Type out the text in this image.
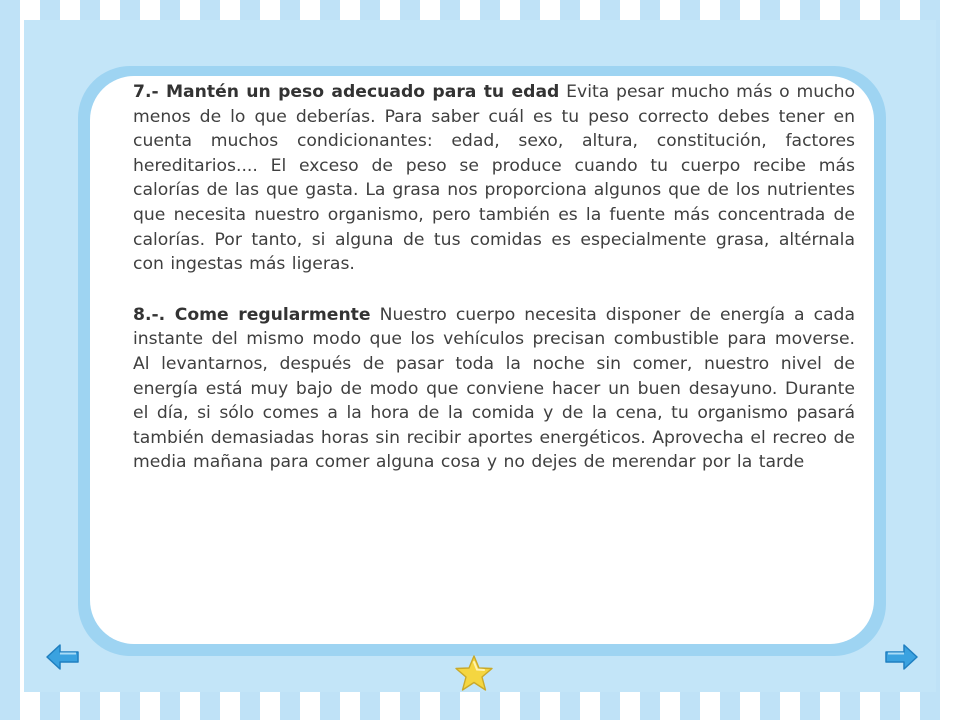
7.- Mantén un peso adecuado para tu edad Evita pesar mucho más o mucho menos de lo que deberías. Para saber cuál es tu peso correcto debes tener en cuenta muchos condicionantes: edad, sexo, altura, constitución, factores hereditarios.... El exceso de peso se produce cuando tu cuerpo recibe más calorías de las que gasta. La grasa nos proporciona algunos que de los nutrientes que necesita nuestro organismo, pero también es la fuente más concentrada de calorías. Por tanto, si alguna de tus comidas es especialmente grasa, altérnala con ingestas más ligeras.

8.-. Come regularmente Nuestro cuerpo necesita disponer de energía a cada instante del mismo modo que los vehículos precisan combustible para moverse. Al levantarnos, después de pasar toda la noche sin comer, nuestro nivel de energía está muy bajo de modo que conviene hacer un buen desayuno. Durante el día, si sólo comes a la hora de la comida y de la cena, tu organismo pasará también demasiadas horas sin recibir aportes energéticos. Aprovecha el recreo de media mañana para comer alguna cosa y no dejes de merendar por la tarde
